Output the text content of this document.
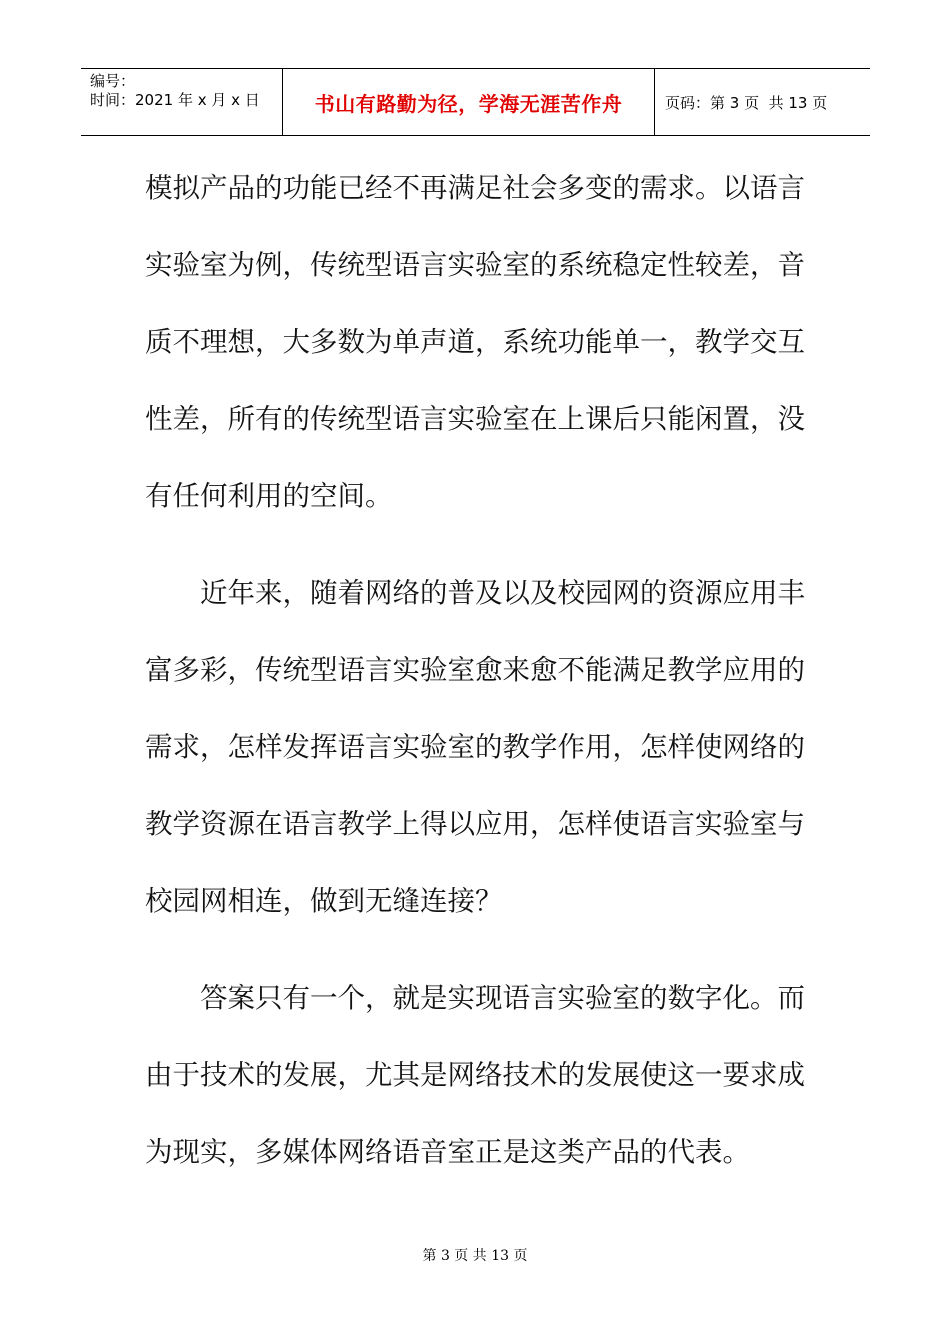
编号：
时间：2021 年 x 月 x 日	书山有路勤为径，学海无涯苦作舟	页码：第 3 页  共 13 页

模拟产品的功能已经不再满足社会多变的需求。以语言实验室为例，传统型语言实验室的系统稳定性较差，音质不理想，大多数为单声道，系统功能单一，教学交互性差，所有的传统型语言实验室在上课后只能闲置，没有任何利用的空间。

近年来，随着网络的普及以及校园网的资源应用丰富多彩，传统型语言实验室愈来愈不能满足教学应用的需求，怎样发挥语言实验室的教学作用，怎样使网络的教学资源在语言教学上得以应用，怎样使语言实验室与校园网相连，做到无缝连接？

答案只有一个，就是实现语言实验室的数字化。而由于技术的发展，尤其是网络技术的发展使这一要求成为现实，多媒体网络语音室正是这类产品的代表。

第 3 页 共 13 页
